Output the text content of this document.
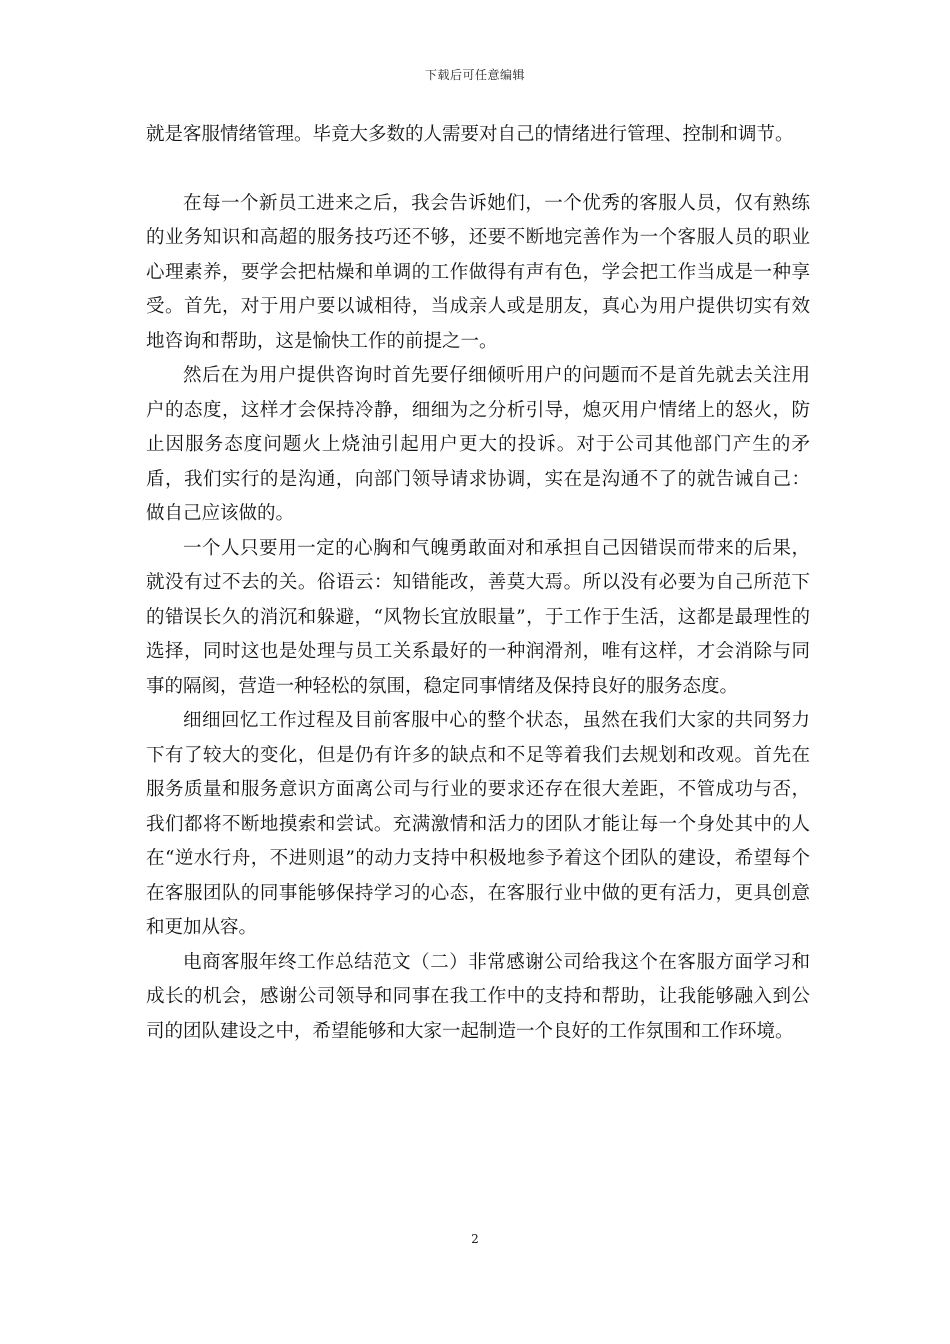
下载后可任意编辑

就是客服情绪管理。毕竟大多数的人需要对自己的情绪进行管理、控制和调节。

在每一个新员工进来之后，我会告诉她们，一个优秀的客服人员，仅有熟练的业务知识和高超的服务技巧还不够，还要不断地完善作为一个客服人员的职业心理素养，要学会把枯燥和单调的工作做得有声有色，学会把工作当成是一种享受。首先，对于用户要以诚相待，当成亲人或是朋友，真心为用户提供切实有效地咨询和帮助，这是愉快工作的前提之一。

然后在为用户提供咨询时首先要仔细倾听用户的问题而不是首先就去关注用户的态度，这样才会保持冷静，细细为之分析引导，熄灭用户情绪上的怒火，防止因服务态度问题火上烧油引起用户更大的投诉。对于公司其他部门产生的矛盾，我们实行的是沟通，向部门领导请求协调，实在是沟通不了的就告诫自己：做自己应该做的。

一个人只要用一定的心胸和气魄勇敢面对和承担自己因错误而带来的后果，就没有过不去的关。俗语云：知错能改，善莫大焉。所以没有必要为自己所范下的错误长久的消沉和躲避，“风物长宜放眼量”，于工作于生活，这都是最理性的选择，同时这也是处理与员工关系最好的一种润滑剂，唯有这样，才会消除与同事的隔阂，营造一种轻松的氛围，稳定同事情绪及保持良好的服务态度。

细细回忆工作过程及目前客服中心的整个状态，虽然在我们大家的共同努力下有了较大的变化，但是仍有许多的缺点和不足等着我们去规划和改观。首先在服务质量和服务意识方面离公司与行业的要求还存在很大差距，不管成功与否，我们都将不断地摸索和尝试。充满激情和活力的团队才能让每一个身处其中的人在“逆水行舟，不进则退”的动力支持中积极地参予着这个团队的建设，希望每个在客服团队的同事能够保持学习的心态，在客服行业中做的更有活力，更具创意和更加从容。

电商客服年终工作总结范文（二）非常感谢公司给我这个在客服方面学习和成长的机会，感谢公司领导和同事在我工作中的支持和帮助，让我能够融入到公司的团队建设之中，希望能够和大家一起制造一个良好的工作氛围和工作环境。

2
